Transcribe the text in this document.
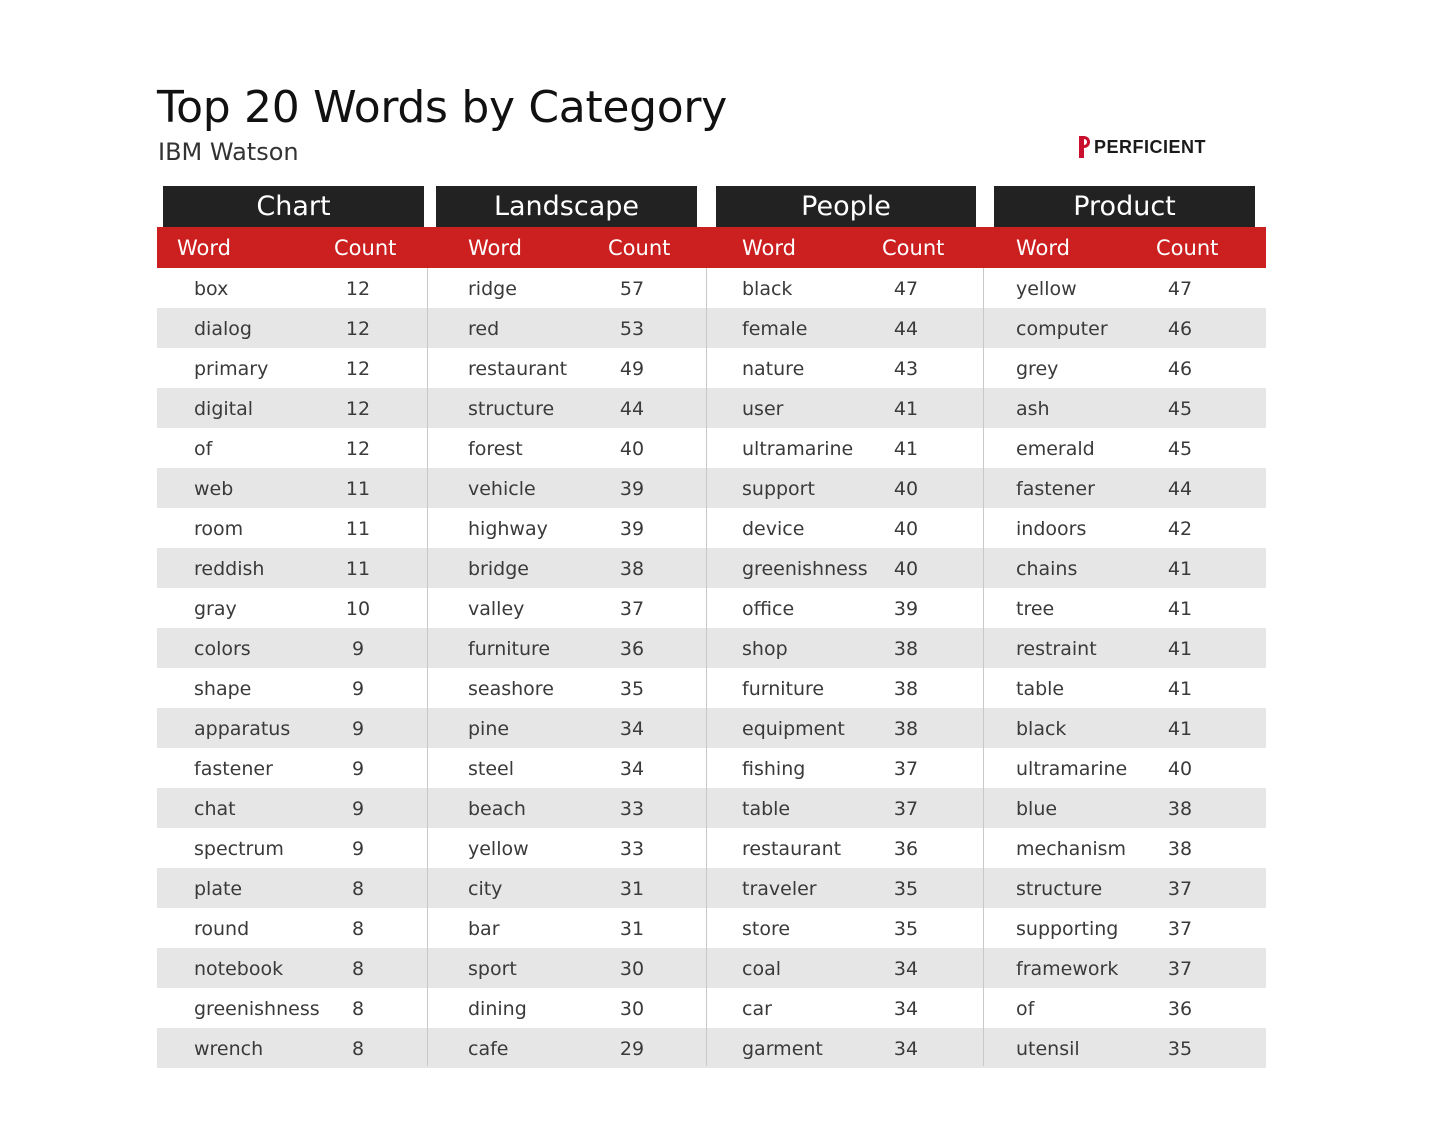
Top 20 Words by Category
IBM Watson	PERFICIENT
Chart
Word	Count
box	12
dialog	12
primary	12
digital	12
of	12
web	11
room	11
reddish	11
gray	10
colors	9
shape	9
apparatus	9
fastener	9
chat	9
spectrum	9
plate	8
round	8
notebook	8
greenishness	8
wrench	8
Landscape
Word	Count
ridge	57
red	53
restaurant	49
structure	44
forest	40
vehicle	39
highway	39
bridge	38
valley	37
furniture	36
seashore	35
pine	34
steel	34
beach	33
yellow	33
city	31
bar	31
sport	30
dining	30
cafe	29
People
Word	Count
black	47
female	44
nature	43
user	41
ultramarine	41
support	40
device	40
greenishness	40
office	39
shop	38
furniture	38
equipment	38
fishing	37
table	37
restaurant	36
traveler	35
store	35
coal	34
car	34
garment	34
Product
Word	Count
yellow	47
computer	46
grey	46
ash	45
emerald	45
fastener	44
indoors	42
chains	41
tree	41
restraint	41
table	41
black	41
ultramarine	40
blue	38
mechanism	38
structure	37
supporting	37
framework	37
of	36
utensil	35
